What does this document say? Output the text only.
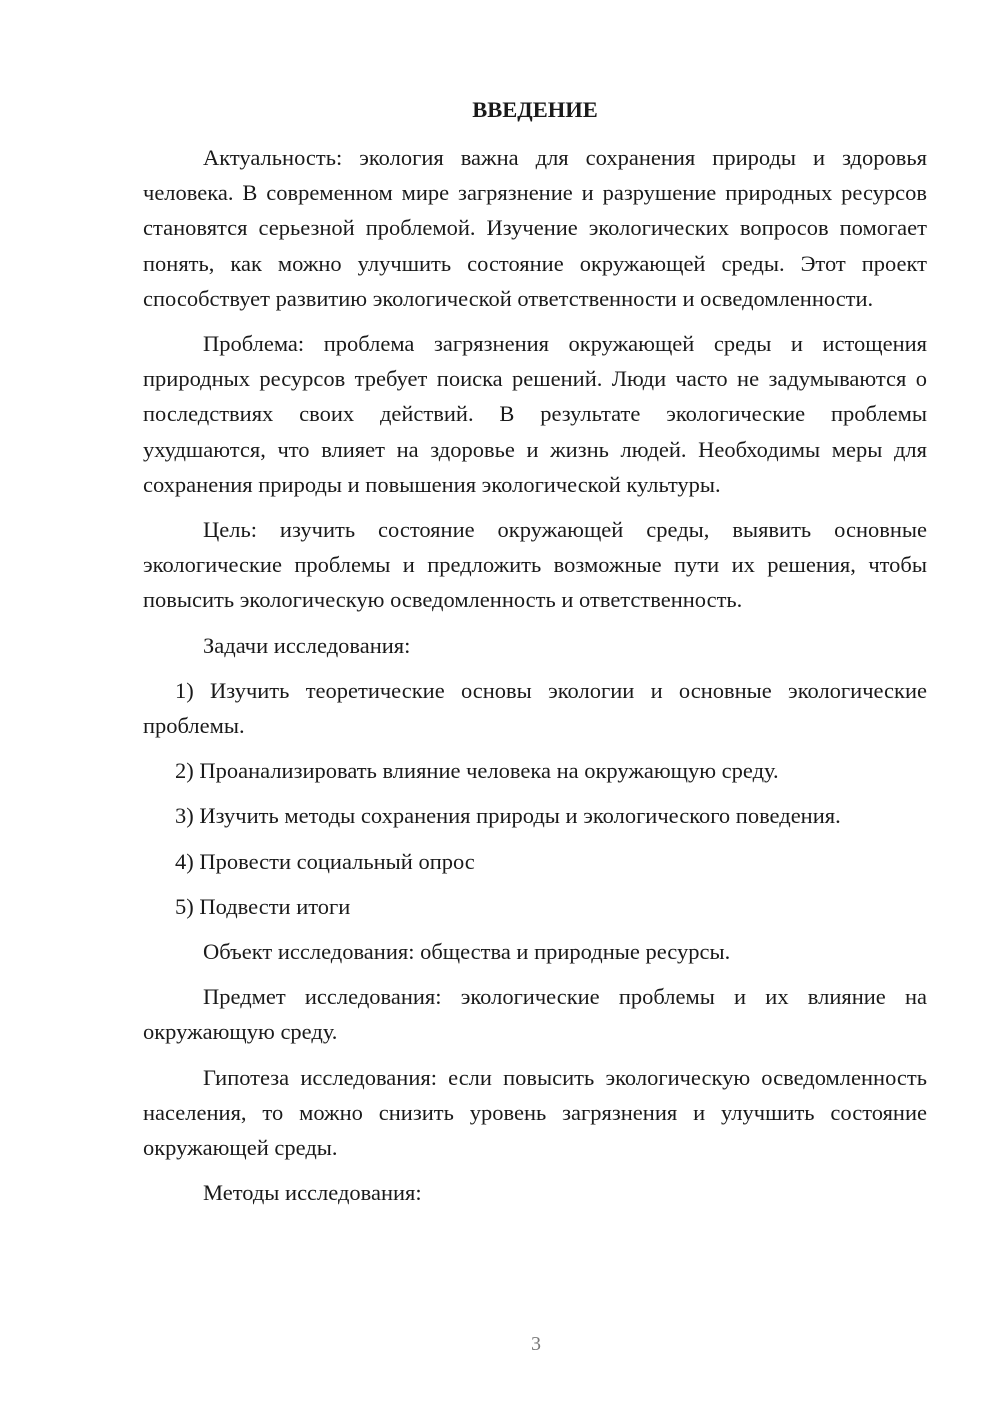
ВВЕДЕНИЕ

Актуальность: экология важна для сохранения природы и здоровья человека. В современном мире загрязнение и разрушение природных ресурсов становятся серьезной проблемой. Изучение экологических вопросов помогает понять, как можно улучшить состояние окружающей среды. Этот проект способствует развитию экологической ответственности и осведомленности.

Проблема: проблема загрязнения окружающей среды и истощения природных ресурсов требует поиска решений. Люди часто не задумываются о последствиях своих действий. В результате экологические проблемы ухудшаются, что влияет на здоровье и жизнь людей. Необходимы меры для сохранения природы и повышения экологической культуры.

Цель: изучить состояние окружающей среды, выявить основные экологические проблемы и предложить возможные пути их решения, чтобы повысить экологическую осведомленность и ответственность.

Задачи исследования:

1) Изучить теоретические основы экологии и основные экологические проблемы.

2) Проанализировать влияние человека на окружающую среду.

3) Изучить методы сохранения природы и экологического поведения.

4) Провести социальный опрос

5) Подвести итоги

Объект исследования: общества и природные ресурсы.

Предмет исследования: экологические проблемы и их влияние на окружающую среду.

Гипотеза исследования: если повысить экологическую осведомленность населения, то можно снизить уровень загрязнения и улучшить состояние окружающей среды.

Методы исследования:

3
